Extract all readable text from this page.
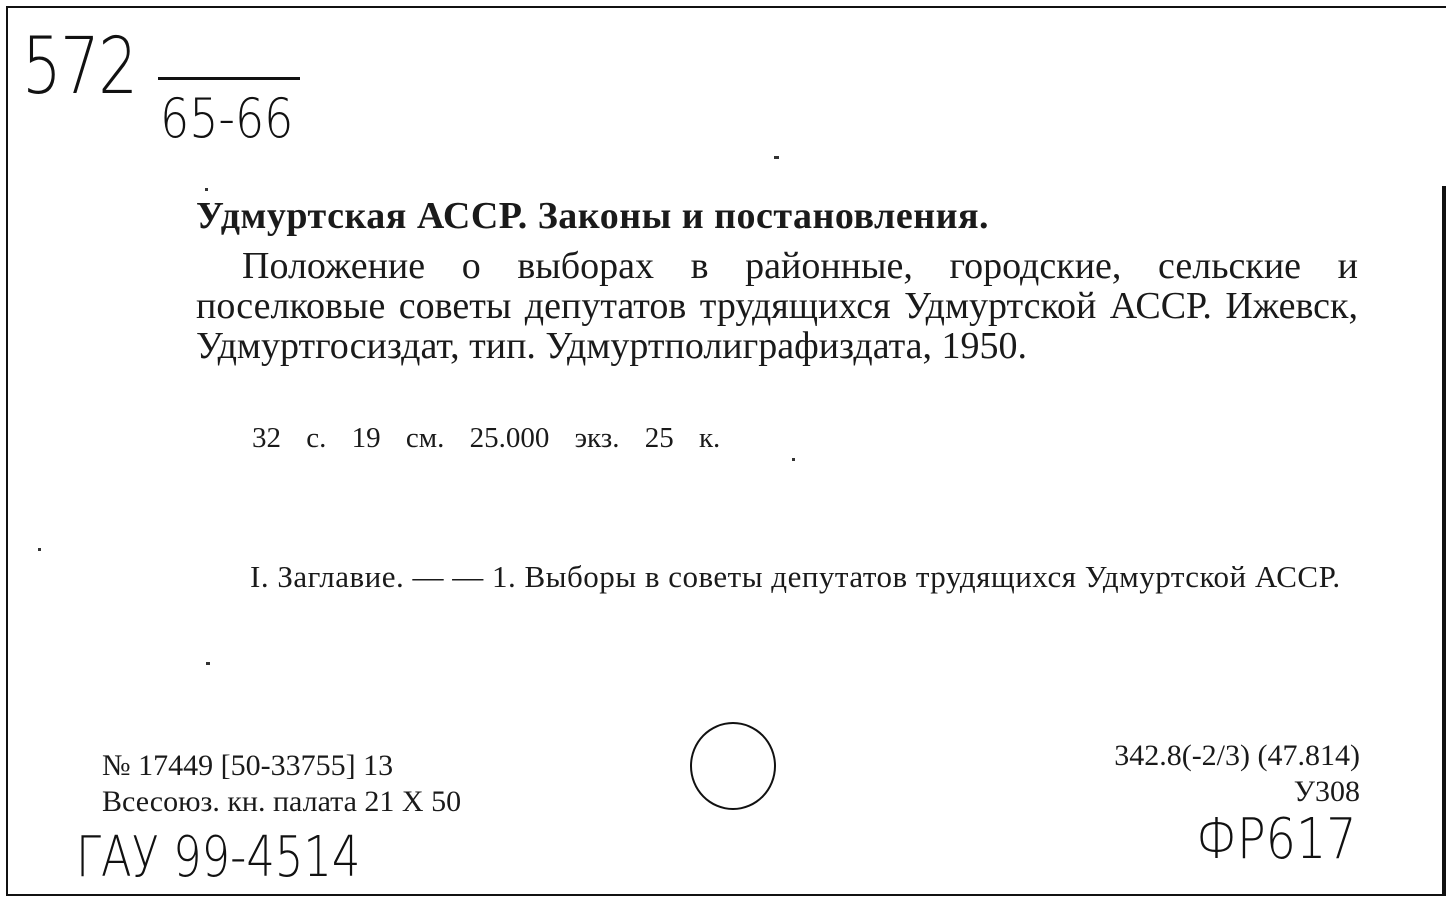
572
65-66
Удмуртская АССР. Законы и постановления.
Положение о выборах в районные, городские, сельские и поселковые советы депутатов трудящихся Удмуртской АССР. Ижевск, Удмуртгосиздат, тип. Удмуртполиграфиздата, 1950.
32 с. 19 см. 25.000 экз. 25 к.
I. Заглавие. — — 1. Выборы в советы депутатов трудящихся Удмуртской АССР.
№ 17449 [50-33755] 13
Всесоюз. кн. палата 21 X 50
342.8(-2/3) (47.814)
У308
ГАУ 99-4514	ФР617
